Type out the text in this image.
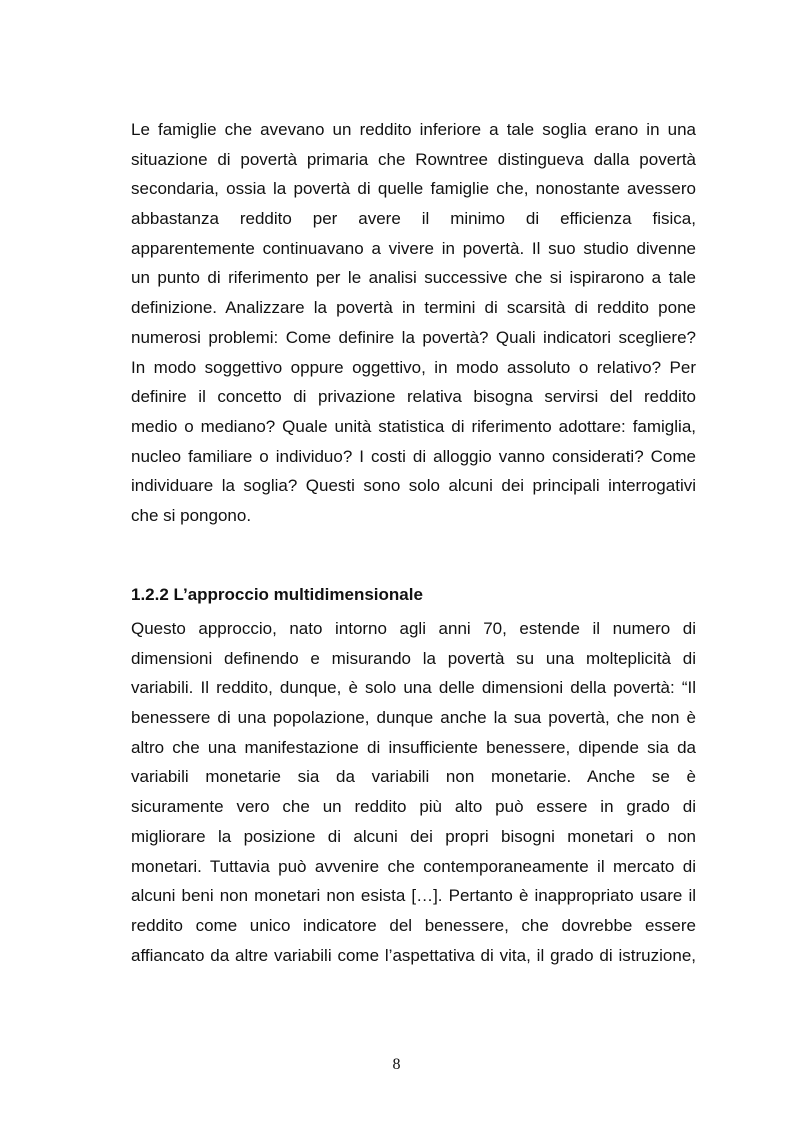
Le famiglie che avevano un reddito inferiore a tale soglia erano in una
situazione di povertà primaria che Rowntree distingueva dalla povertà
secondaria, ossia la povertà di quelle famiglie che, nonostante avessero
abbastanza reddito per avere il minimo di efficienza fisica,
apparentemente continuavano a vivere in povertà. Il suo studio divenne
un punto di riferimento per le analisi successive che si ispirarono a tale
definizione. Analizzare la povertà in termini di scarsità di reddito pone
numerosi problemi: Come definire la povertà? Quali indicatori scegliere?
In modo soggettivo oppure oggettivo, in modo assoluto o relativo? Per
definire il concetto di privazione relativa bisogna servirsi del reddito
medio o mediano? Quale unità statistica di riferimento adottare: famiglia,
nucleo familiare o individuo? I costi di alloggio vanno considerati? Come
individuare la soglia? Questi sono solo alcuni dei principali interrogativi
che si pongono.
1.2.2 L’approccio multidimensionale
Questo approccio, nato intorno agli anni 70, estende il numero di
dimensioni definendo e misurando la povertà su una molteplicità di
variabili. Il reddito, dunque, è solo una delle dimensioni della povertà: “Il
benessere di una popolazione, dunque anche la sua povertà, che non è
altro che una manifestazione di insufficiente benessere, dipende sia da
variabili monetarie sia da variabili non monetarie. Anche se è
sicuramente vero che un reddito più alto può essere in grado di
migliorare la posizione di alcuni dei propri bisogni monetari o non
monetari. Tuttavia può avvenire che contemporaneamente il mercato di
alcuni beni non monetari non esista […]. Pertanto è inappropriato usare il
reddito come unico indicatore del benessere, che dovrebbe essere
affiancato da altre variabili come l’aspettativa di vita, il grado di istruzione,
8
